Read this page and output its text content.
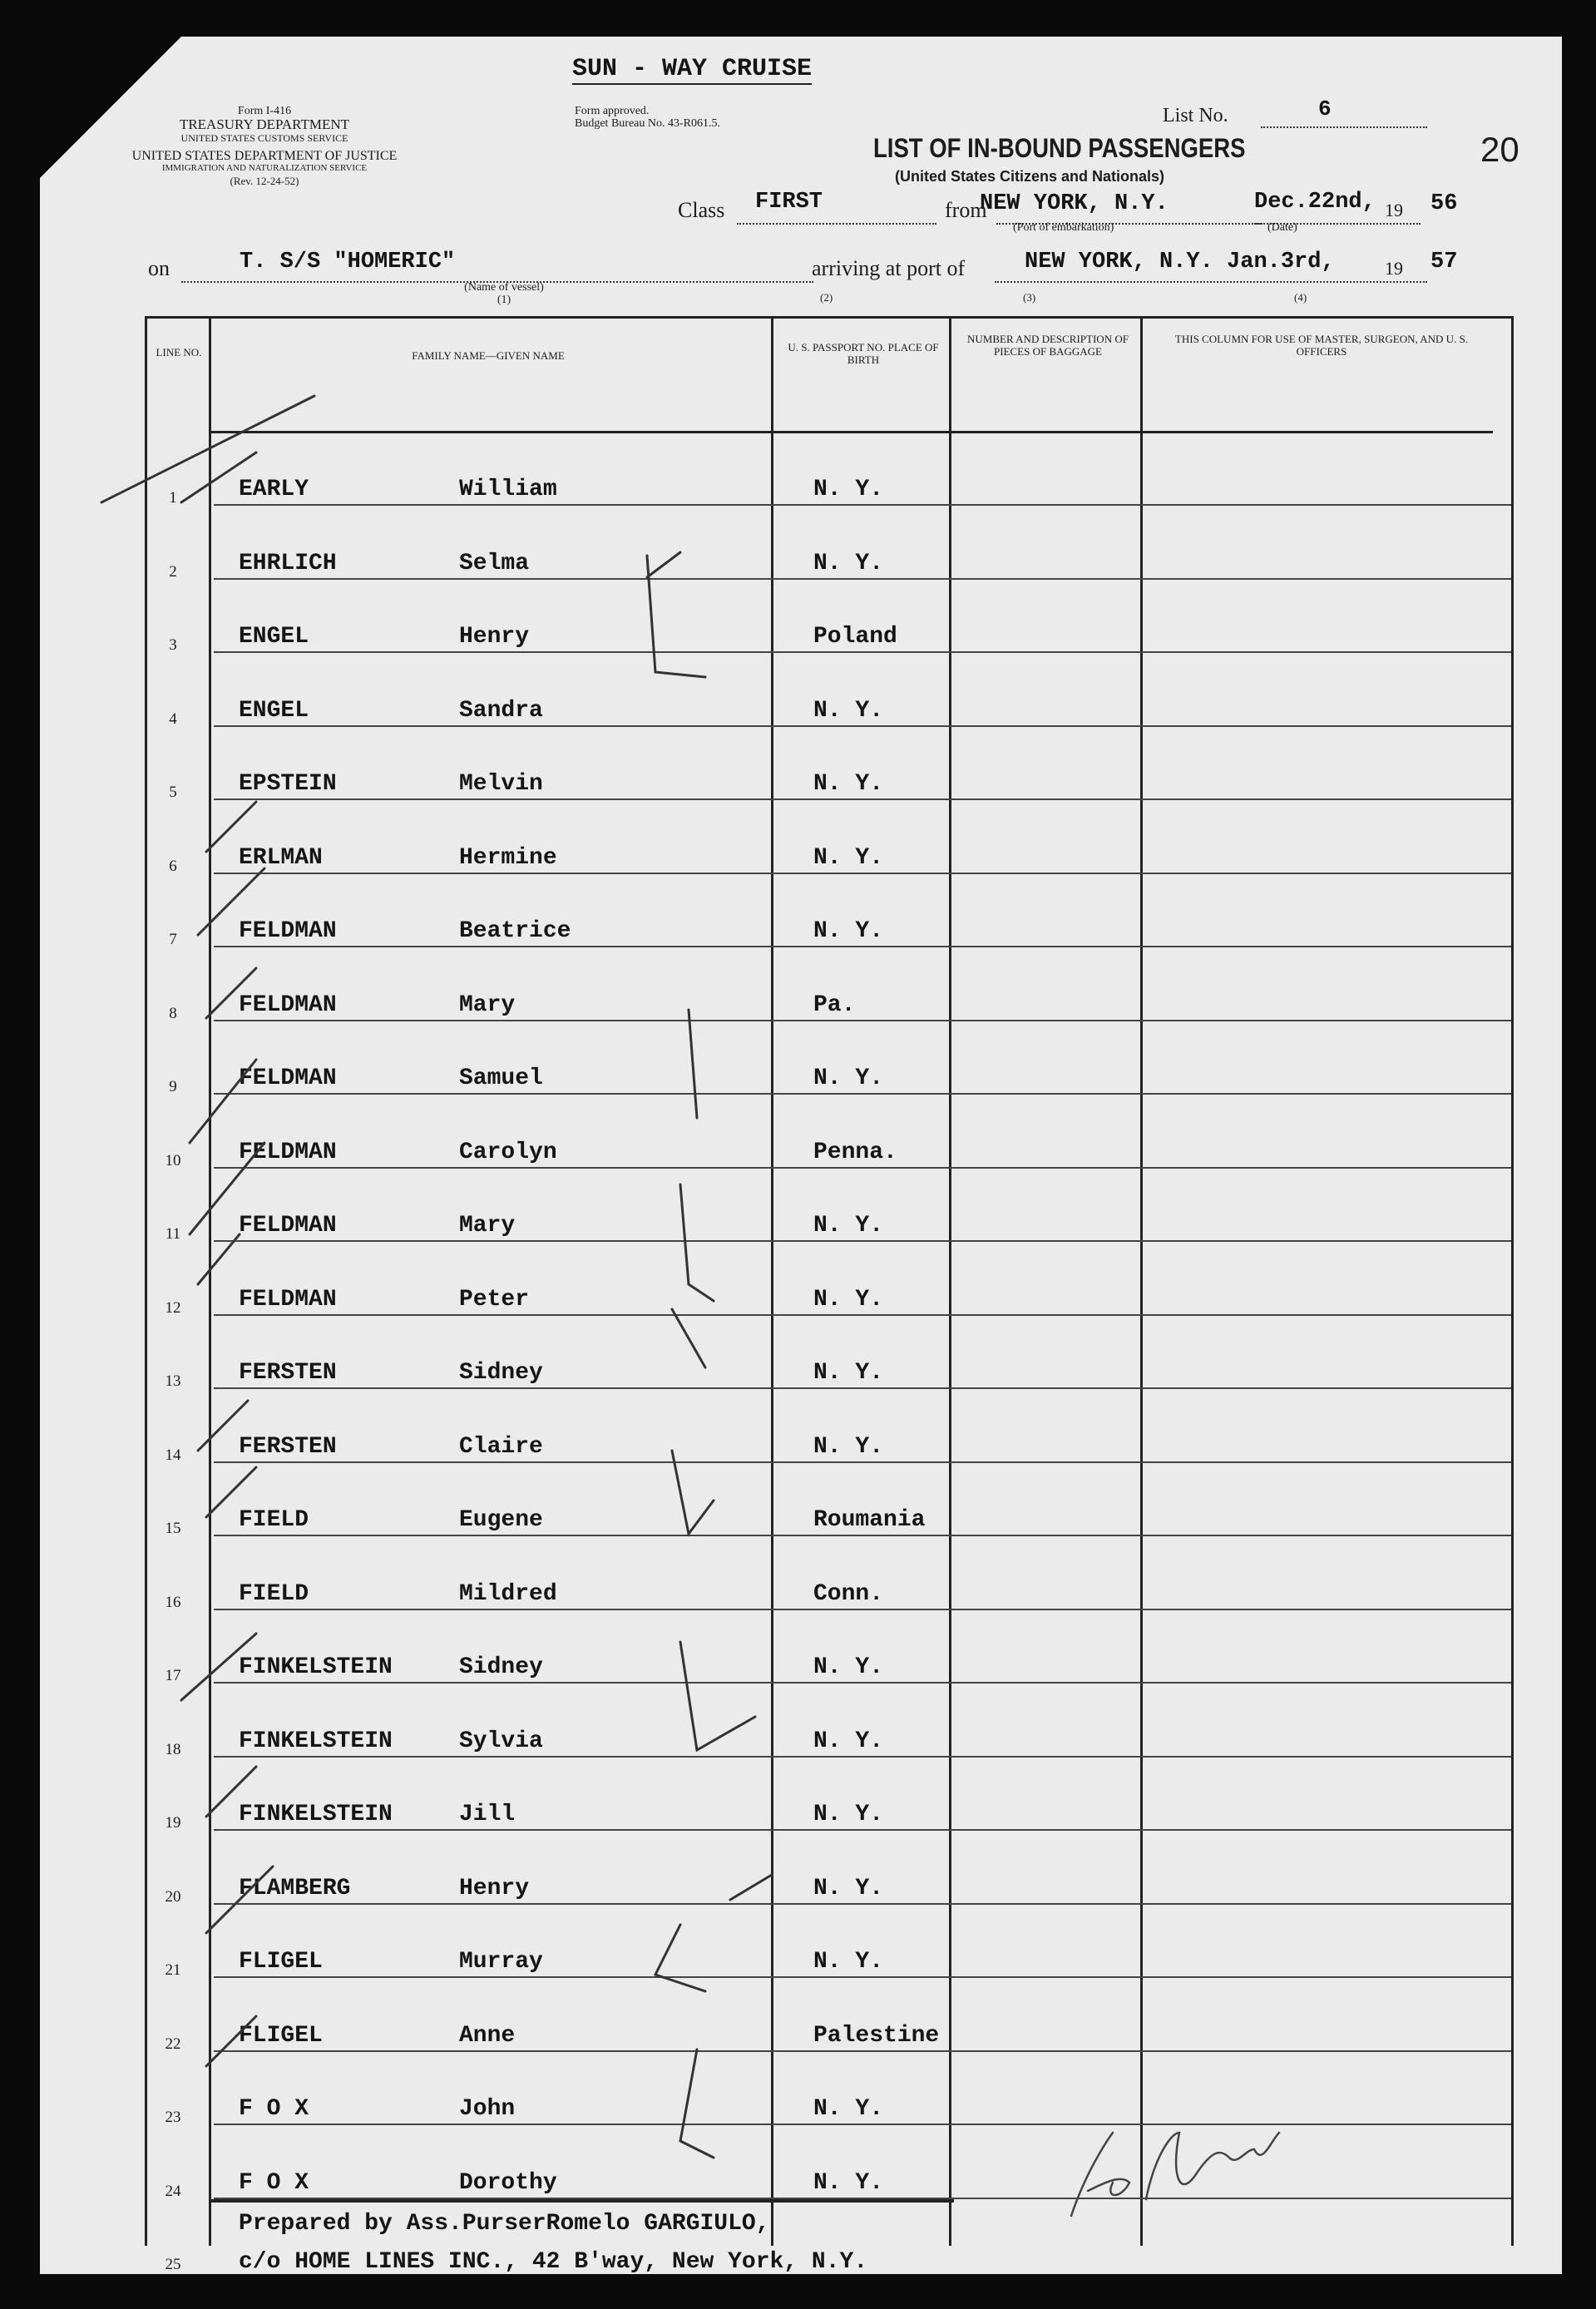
SUN - WAY CRUISE
Form I-416
TREASURY DEPARTMENT
UNITED STATES CUSTOMS SERVICE
UNITED STATES DEPARTMENT OF JUSTICE
IMMIGRATION AND NATURALIZATION SERVICE
(Rev. 12-24-52)
Form approved.
Budget Bureau No. 43-R061.5.	List No.	6
20
LIST OF IN-BOUND PASSENGERS
(United States Citizens and Nationals)
Class FIRST	from
NEW YORK, N.Y.
(Port of embarkation)
Dec.22nd, 19 56
(Date)
on	T. S/S "HOMERIC"
(Name of vessel)
(1)
arriving at port of	NEW YORK, N.Y. Jan.3rd,	19 57
(2)	(3)	(4)
LINE NO.	FAMILY NAME—GIVEN NAME
U. S. PASSPORT NO. PLACE OF BIRTH
NUMBER AND DESCRIPTION OF PIECES OF BAGGAGE
THIS COLUMN FOR USE OF MASTER, SURGEON, AND U. S. OFFICERS
1	EARLY	William	N. Y.
2	EHRLICH	Selma	N. Y.
3	ENGEL	Henry	Poland
4	ENGEL	Sandra	N. Y.
5	EPSTEIN	Melvin	N. Y.
6	ERLMAN	Hermine	N. Y.
7	FELDMAN	Beatrice	N. Y.
8	FELDMAN	Mary	Pa.
9	FELDMAN	Samuel	N. Y.
10	FELDMAN	Carolyn	Penna.
11	FELDMAN	Mary	N. Y.
12	FELDMAN	Peter	N. Y.
13	FERSTEN	Sidney	N. Y.
14	FERSTEN	Claire	N. Y.
15	FIELD	Eugene	Roumania
16	FIELD	Mildred	Conn.
17	FINKELSTEIN	Sidney	N. Y.
18	FINKELSTEIN	Sylvia	N. Y.
19	FINKELSTEIN	Jill	N. Y.
20	FLAMBERG	Henry	N. Y.
21	FLIGEL	Murray	N. Y.
22	FLIGEL	Anne	Palestine
23	F O X	John	N. Y.
24	F O X	Dorothy	N. Y.
25
Prepared by Ass.PurserRomelo GARGIULO,
c/o HOME LINES INC., 42 B'way, New York, N.Y.
